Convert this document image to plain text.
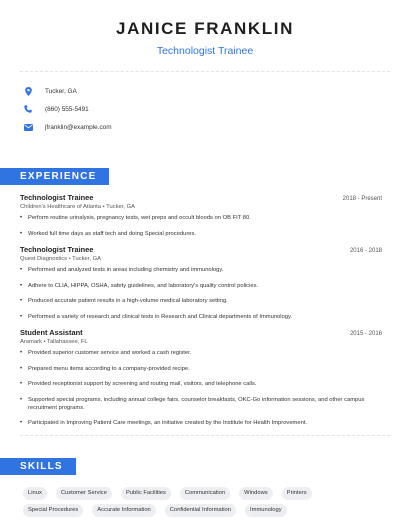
JANICE FRANKLIN
Technologist Trainee
Tucker, GA
(860) 555-5491
jfranklin@example.com
EXPERIENCE
Technologist Trainee	2018 - Present
Children's Healthcare of Atlanta • Tucker, GA
• Perform routine urinalysis, pregnancy tests, wet preps and occult bloods on OB FIT 80.
• Worked full time days as staff tech and doing Special procedures.
Technologist Trainee	2016 - 2018
Quest Diagnostics • Tucker, GA
• Performed and analyzed tests in areas including chemistry and immunology.
• Adhere to CLIA, HIPPA, OSHA, safety guidelines, and laboratory's quality control policies.
• Produced accurate patient results in a high-volume medical laboratory setting.
• Performed a variety of research and clinical tests in Research and Clinical departments of Immunology.
Student Assistant	2015 - 2016
Aramark • Tallahassee, FL
• Provided superior customer service and worked a cash register.
• Prepared menu items according to a company-provided recipe.
• Provided receptionist support by screening and routing mail, visitors, and telephone calls.
• Supported special programs, including annual college fairs, counselor breakfasts, OKC-Go information sessions, and other campus recruitment programs.
• Participated in Improving Patient Care meetings, an initiative created by the Institute for Health Improvement.
SKILLS
Linux	Customer Service	Public Facilities	Communication	Windows	Printers
Special Procedures	Accurate Information	Confidential Information	Immunology
